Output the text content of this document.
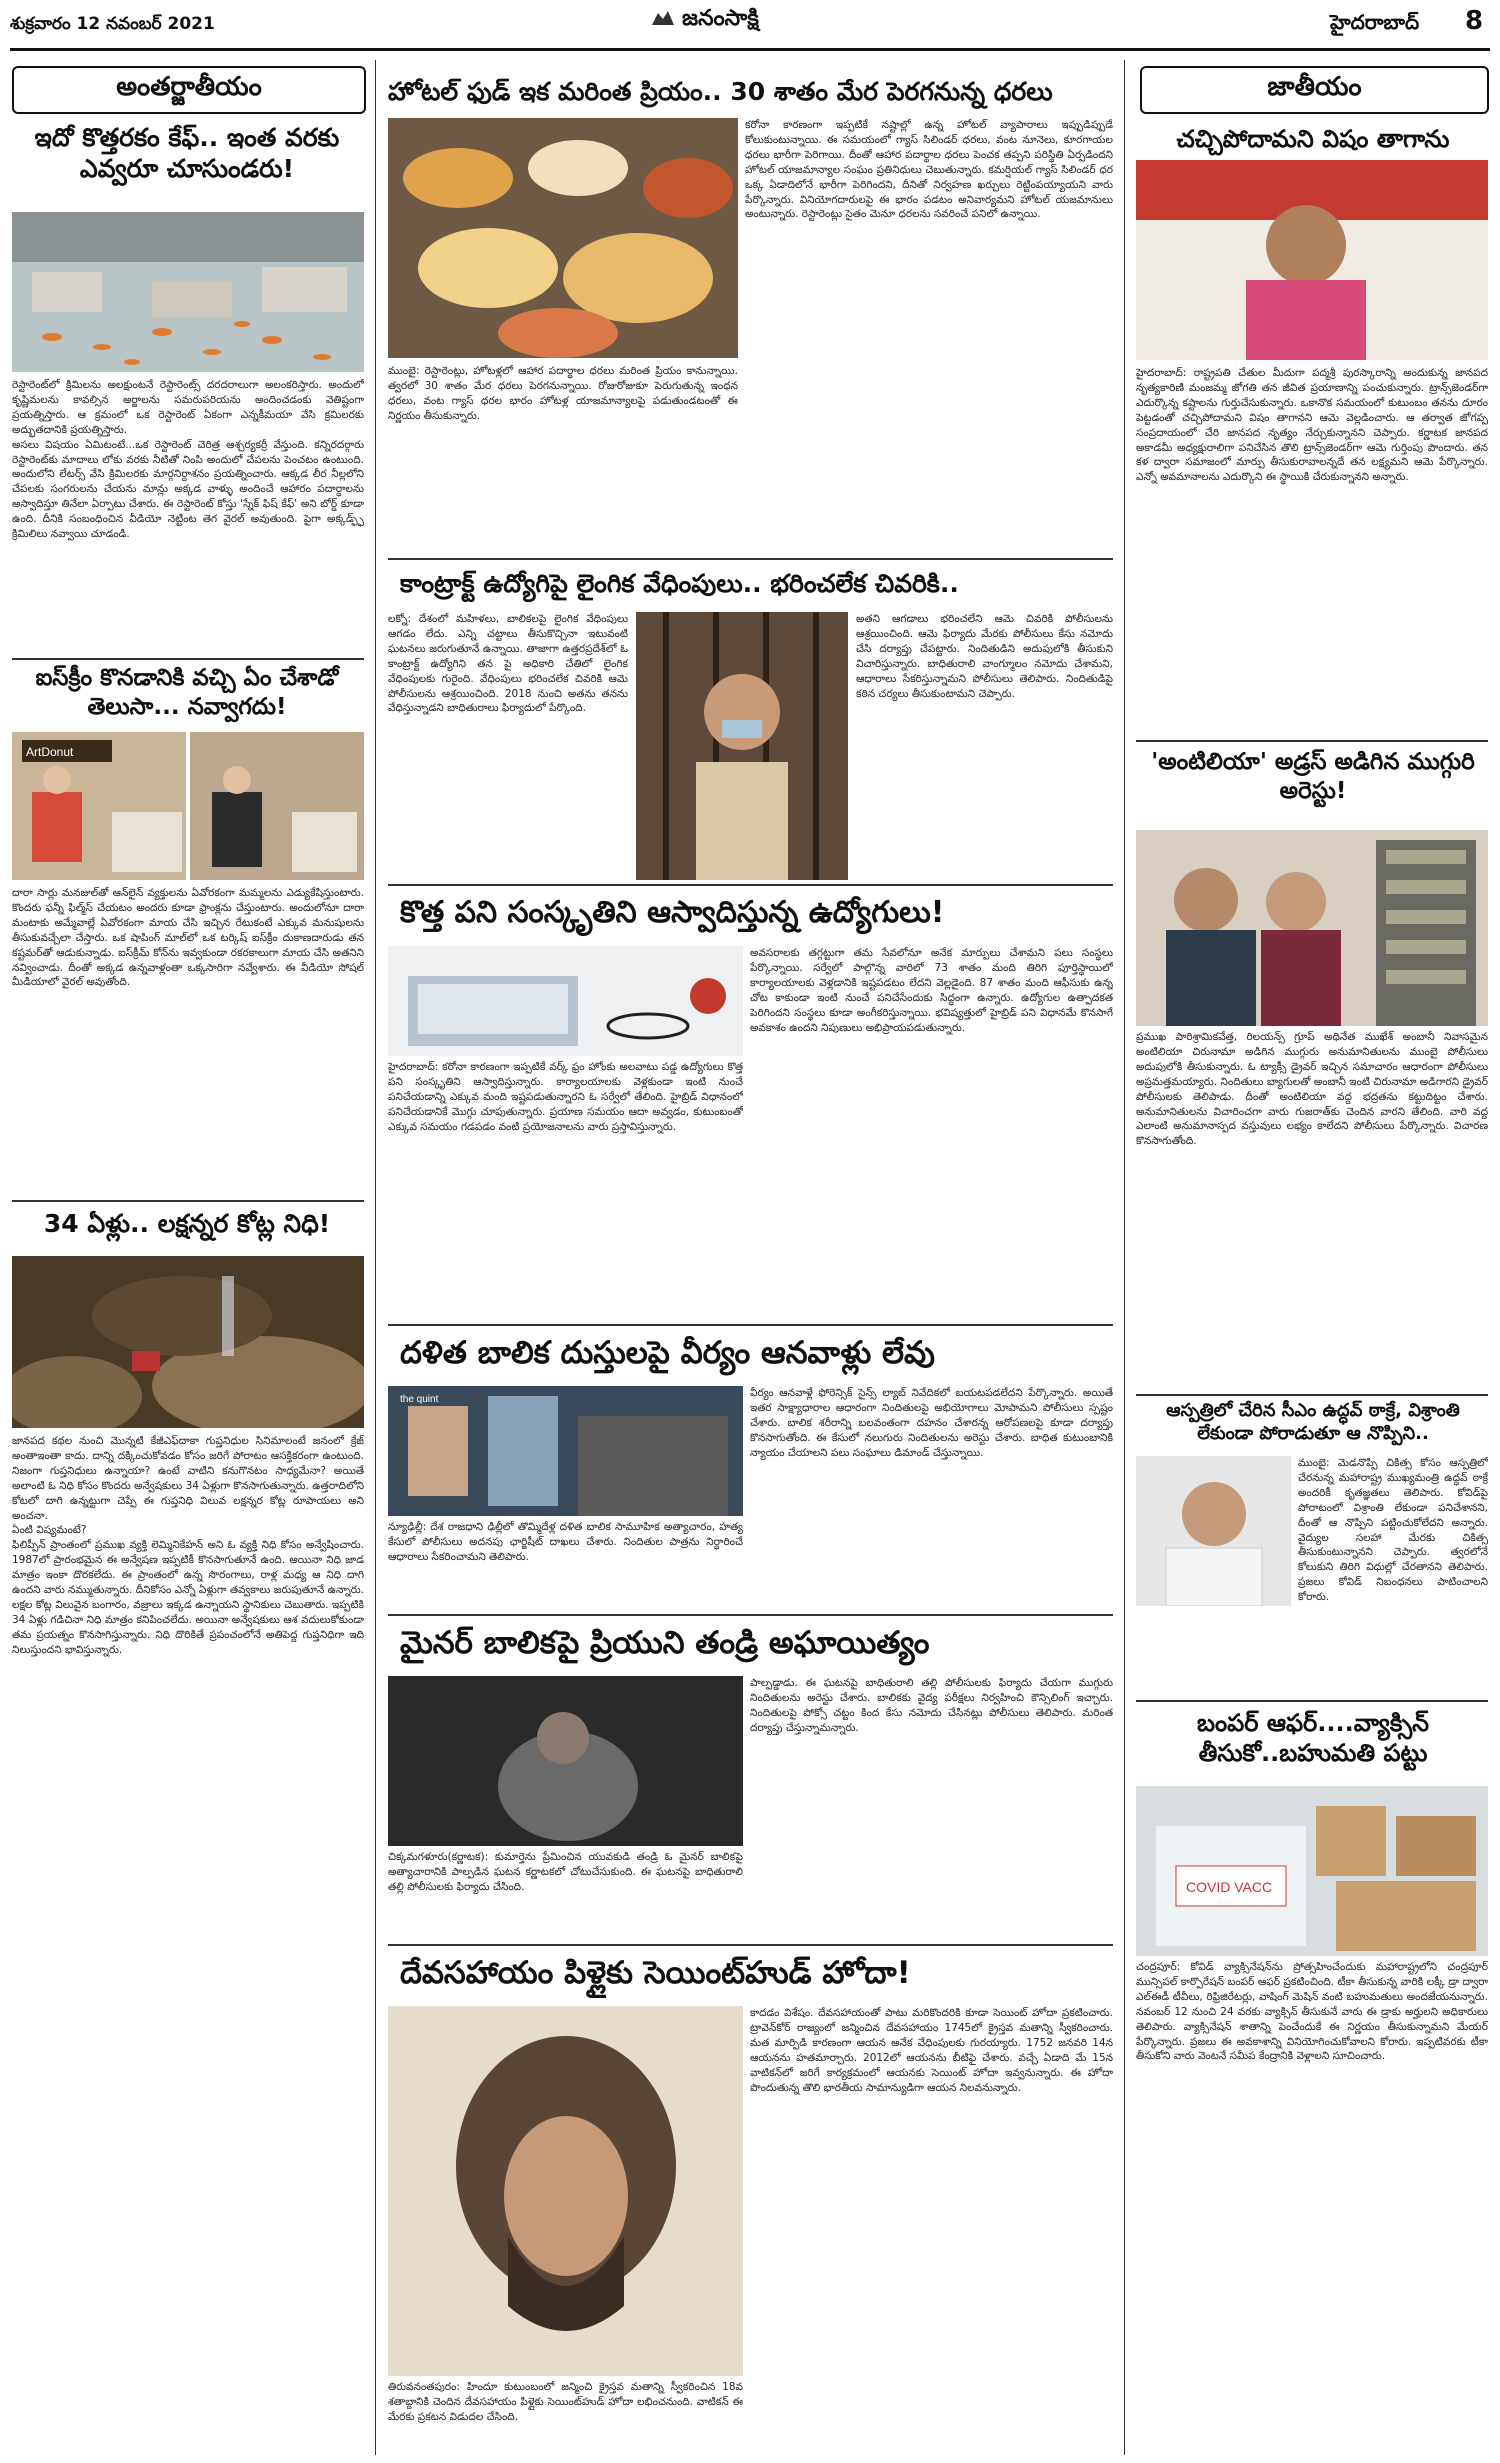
శుక్రవారం 12 నవంబర్ 2021	జనంసాక్షి	హైదరాబాద్ 8
అంతర్జాతీయం
ఇదో కొత్తరకం కేఫ్‌.. ఇంత వరకు ఎవ్వరూ చూసుండరు!
రెస్టారెంట్‌లో క్రిమిలను అలక్షుంటనే రెస్టారెంట్స్‌ దరదరాలుగా అలంకరిస్తారు. అందులో కృష్ణిమలను కావల్సిన అర్జాలను సమరుపరియను అందించడంకు వెతిష్టంగా ప్రయత్నిస్తారు. ఆ క్రమంలో ఒక రెస్టారెంట్ ఏకంగా ఎన్నకీమయా వేసి క్రమిలరకు అద్భుతదానికి ప్రయత్నిస్తారు.
అసలు విషయం ఏమిటంటే...ఒక రెస్టారెంట్ చెరిత్ర ఆశ్చర్యకర్రీ వేస్తుంది. కన్నిరదర్గారు రెస్టారెంట్‌కు మాదాలు లోకు వరకు నీటితో నింపి అందులో చేపలను పెంచటం ఉంటుంది. అందులోని లేటర్స్‌ వేసి క్రిమిలరకు మార్గనిర్దాశనం ప్రయత్నించారు. ఆక్కడ లీర నీల్లలోని చేపలకు సంగరులను చేయను మాన్లు అక్కడ వాళ్ళు అందించే ఆహారం పదార్ధాలను అస్వాదిస్తూ తినేలా ఏర్పాటు చేశారు. ఈ రెస్టారెంట్ కోస్తు 'స్నేక్ ఫిష్ కేఫ్' అని బోర్డ్ కూడా ఉంది. దీనికి సంబంధించిన వీడియో నెట్టింట తెగ వైరల్ అవుతుంది. పైగా అక్కడ్ఫ్ఫ్ క్రిమిలిలు నవ్వాయి చూడండి.
ఐస్‌క్రీం కొనడానికి వచ్చి ఏం చేశాడో తెలుసా... నవ్వాగదు!
ArtDonut
దారా సార్లు మనజుల్‌తో ఆన్‌లైన్ వ్యక్తులను ఏవోరకంగా మమ్మలను ఎడ్యుకేషిస్తుంటారు. కొందరు ఫన్నీ ఫిల్మ్‌స్‌ చేయటం అందరు కూడా ఫ్రాంక్లను చేస్తుంటారు. అందులోనూ దారా మంటాకు అమ్మేవాల్లే ఏవోరకంగా మాయ చేసి ఇచ్చిన రేటుకంటే ఎక్కువ మనుషులను తీసుకువచ్చేలా చేస్తారు. ఒక షాపింగ్ మాల్‌లో ఒక టర్కిష్ ఐస్‌క్రీం దుకాణదారుడు తన కష్టమర్‌తో ఆడుకున్నాడు. ఐస్‌క్రీమ్ కోన్‌ను ఇవ్వకుండా రకరకాలుగా మాయ చేసి అతనిని నవ్వించాడు. దీంతో అక్కడ ఉన్నవాళ్లంతా ఒక్కసారిగా నవ్వేశారు. ఈ వీడియో సోషల్ మీడియాలో వైరల్ అవుతోంది.
34 ఏళ్లు.. లక్షన్నర కోట్ల నిధి!
జానపద కథల నుంచి మొన్నటి కేజీఎఫ్‌దాకా గుప్తనిధుల సినిమాలంటే జనంలో క్రేజ్ అంతాఇంతా కాదు. దాన్ని దక్కించుకోవడం కోసం జరిగే పోరాటం ఆసక్తికరంగా ఉంటుంది. నిజంగా గుప్తనిధులు ఉన్నాయా? ఉంటే వాటిని కనుగొనటం సాధ్యమేనా? అయితే అలాంటి ఓ నిధి కోసం కొందరు అన్వేషకులు 34 ఏళ్లుగా కొనసాగుతున్నారు. ఉత్తరాదిలోని కోటలో దాగి ఉన్నట్టుగా చెప్పే ఈ గుప్తనిధి విలువ లక్షన్నర కోట్ల రూపాయలు అని అంచనా.
ఏంటి విష్యమంటే?
ఫిలిప్పీన్ ప్రాంతంలో ప్రముఖ వ్యక్తి లెమ్మినికేహన్‌ అని ఓ వ్యక్తి నిధి కోసం అన్వేషించారు. 1987లో ప్రారంభమైన ఈ అన్వేషణ ఇప్పటికీ కొనసాగుతూనే ఉంది. అయినా నిధి జాడ మాత్రం ఇంకా దొరకలేదు. ఈ ప్రాంతంలో ఉన్న సొరంగాలు, రాళ్ల మధ్య ఆ నిధి దాగి ఉందని వారు నమ్ముతున్నారు. దీనికోసం ఎన్నో ఏళ్లుగా తవ్వకాలు జరుపుతూనే ఉన్నారు. లక్షల కోట్ల విలువైన బంగారం, వజ్రాలు ఇక్కడ ఉన్నాయని స్థానికులు చెబుతారు. ఇప్పటికి 34 ఏళ్లు గడిచినా నిధి మాత్రం కనిపించలేదు. అయినా అన్వేషకులు ఆశ వదులుకోకుండా తమ ప్రయత్నం కొనసాగిస్తున్నారు. నిధి దొరికితే ప్రపంచంలోనే అతిపెద్ద గుప్తనిధిగా ఇది నిలుస్తుందని భావిస్తున్నారు.
హోటల్ ఫుడ్ ఇక మరింత ప్రియం.. 30 శాతం మేర పెరగనున్న ధరలు
ముంబై: రెస్టారెంట్లు, హోటళ్లలో ఆహార పదార్థాల ధరలు మరింత ప్రియం కానున్నాయి. త్వరలో 30 శాతం మేర ధరలు పెరగనున్నాయి. రోజురోజుకూ పెరుగుతున్న ఇంధన ధరలు, వంట గ్యాస్ ధరల భారం హోటళ్ల యాజమాన్యాలపై పడుతుండటంతో ఈ నిర్ణయం తీసుకున్నారు.
కరోనా కారణంగా ఇప్పటికే నష్టాల్లో ఉన్న హోటల్ వ్యాపారాలు ఇప్పుడిప్పుడే కోలుకుంటున్నాయి. ఈ సమయంలో గ్యాస్ సిలిండర్ ధరలు, వంట నూనెలు, కూరగాయల ధరలు భారీగా పెరిగాయి. దీంతో ఆహార పదార్థాల ధరలు పెంచక తప్పని పరిస్థితి ఏర్పడిందని హోటల్ యాజమాన్యాల సంఘం ప్రతినిధులు చెబుతున్నారు. కమర్షియల్ గ్యాస్ సిలిండర్ ధర ఒక్క ఏడాదిలోనే భారీగా పెరిగిందని, దీనితో నిర్వహణ ఖర్చులు రెట్టింపయ్యాయని వారు పేర్కొన్నారు. వినియోగదారులపై ఈ భారం పడటం అనివార్యమని హోటల్ యజమానులు అంటున్నారు. రెస్టారెంట్లు సైతం మెనూ ధరలను సవరించే పనిలో ఉన్నాయి.
కాంట్రాక్ట్ ఉద్యోగిపై లైంగిక వేధింపులు.. భరించలేక చివరికి..
లక్నో: దేశంలో మహిళలు, బాలికలపై లైంగిక వేధింపులు ఆగడం లేదు. ఎన్ని చట్టాలు తీసుకొచ్చినా ఇటువంటి ఘటనలు జరుగుతూనే ఉన్నాయి. తాజాగా ఉత్తరప్రదేశ్‌లో ఓ కాంట్రాక్ట్ ఉద్యోగిని తన పై అధికారి చేతిలో లైంగిక వేధింపులకు గురైంది. వేధింపులు భరించలేక చివరికి ఆమె పోలీసులను ఆశ్రయించింది. 2018 నుంచి అతను తనను వేధిస్తున్నాడని బాధితురాలు ఫిర్యాదులో పేర్కొంది.
అతని ఆగడాలు భరించలేని ఆమె చివరికి పోలీసులను ఆశ్రయించింది. ఆమె ఫిర్యాదు మేరకు పోలీసులు కేసు నమోదు చేసి దర్యాప్తు చేపట్టారు. నిందితుడిని అదుపులోకి తీసుకుని విచారిస్తున్నారు. బాధితురాలి వాంగ్మూలం నమోదు చేశామని, ఆధారాలు సేకరిస్తున్నామని పోలీసులు తెలిపారు. నిందితుడిపై కఠిన చర్యలు తీసుకుంటామని చెప్పారు.
కొత్త పని సంస్కృతిని ఆస్వాదిస్తున్న ఉద్యోగులు!
హైదరాబాద్: కరోనా కారణంగా ఇప్పటికే వర్క్ ఫ్రం హోంకు అలవాటు పడ్డ ఉద్యోగులు కొత్త పని సంస్కృతిని ఆస్వాదిస్తున్నారు. కార్యాలయాలకు వెళ్లకుండా ఇంటి నుంచే పనిచేయడాన్ని ఎక్కువ మంది ఇష్టపడుతున్నారని ఓ సర్వేలో తేలింది. హైబ్రిడ్ విధానంలో పనిచేయడానికే మొగ్గు చూపుతున్నారు. ప్రయాణ సమయం ఆదా అవ్వడం, కుటుంబంతో ఎక్కువ సమయం గడపడం వంటి ప్రయోజనాలను వారు ప్రస్తావిస్తున్నారు.
అవసరాలకు తగ్గట్టుగా తమ సేవలోనూ అనేక మార్పులు చేశామని పలు సంస్థలు పేర్కొన్నాయి. సర్వేలో పాల్గొన్న వారిలో 73 శాతం మంది తిరిగి పూర్తిస్థాయిలో కార్యాలయాలకు వెళ్లడానికి ఇష్టపడటం లేదని వెల్లడైంది. 87 శాతం మంది ఆఫీసుకు ఉన్న చోట కాకుండా ఇంటి నుంచే పనిచేసేందుకు సిద్ధంగా ఉన్నారు. ఉద్యోగుల ఉత్పాదకత పెరిగిందని సంస్థలు కూడా అంగీకరిస్తున్నాయి. భవిష్యత్తులో హైబ్రిడ్ పని విధానమే కొనసాగే అవకాశం ఉందని నిపుణులు అభిప్రాయపడుతున్నారు.
దళిత బాలిక దుస్తులపై వీర్యం ఆనవాళ్లు లేవు
the quint
న్యూఢిల్లీ: దేశ రాజధాని ఢిల్లీలో తొమ్మిదేళ్ల దళిత బాలిక సామూహిక అత్యాచారం, హత్య కేసులో పోలీసులు అదనపు ఛార్జిషీట్ దాఖలు చేశారు. నిందితుల పాత్రను నిర్ధారించే ఆధారాలు సేకరించామని తెలిపారు.
వీర్యం ఆనవాళ్లే ఫోరెన్సిక్ సైన్స్ ల్యాబ్ నివేదికలో బయటపడలేదని పేర్కొన్నారు. అయితే ఇతర సాక్ష్యాధారాల ఆధారంగా నిందితులపై అభియోగాలు మోపామని పోలీసులు స్పష్టం చేశారు. బాలిక శరీరాన్ని బలవంతంగా దహనం చేశారన్న ఆరోపణలపై కూడా దర్యాప్తు కొనసాగుతోంది. ఈ కేసులో నలుగురు నిందితులను అరెస్టు చేశారు. బాధిత కుటుంబానికి న్యాయం చేయాలని పలు సంఘాలు డిమాండ్ చేస్తున్నాయి.
మైనర్ బాలికపై ప్రియుని తండ్రి అఘాయిత్యం
చిక్కమగళూరు(కర్ణాటక): కుమార్తెను ప్రేమించిన యువకుడి తండ్రి ఓ మైనర్ బాలికపై అత్యాచారానికి పాల్పడిన ఘటన కర్ణాటకలో చోటుచేసుకుంది. ఈ ఘటనపై బాధితురాలి తల్లి పోలీసులకు ఫిర్యాదు చేసింది.
పాల్పడ్డాడు. ఈ ఘటనపై బాధితురాలి తల్లి పోలీసులకు ఫిర్యాదు చేయగా ముగ్గురు నిందితులను అరెస్టు చేశారు. బాలికకు వైద్య పరీక్షలు నిర్వహించి కౌన్సిలింగ్ ఇచ్చారు. నిందితులపై పోక్సో చట్టం కింద కేసు నమోదు చేసినట్లు పోలీసులు తెలిపారు. మరింత దర్యాప్తు చేస్తున్నామన్నారు.
దేవసహాయం పిళ్లైకు సెయింట్‌హుడ్ హోదా!
తిరువనంతపురం: హిందూ కుటుంబంలో జన్మించి క్రైస్తవ మతాన్ని స్వీకరించిన 18వ శతాబ్దానికి చెందిన దేవసహాయం పిళ్లైకు సెయింట్‌హుడ్ హోదా లభించనుంది. వాటికన్ ఈ మేరకు ప్రకటన విడుదల చేసింది.
కాదడం విశేషం. దేవసహాయంతో పాటు మరికొందరికి కూడా సెయింట్ హోదా ప్రకటించారు. ట్రావెన్‌కోర్ రాజ్యంలో జన్మించిన దేవసహాయం 1745లో క్రైస్తవ మతాన్ని స్వీకరించారు. మత మార్పిడి కారణంగా ఆయన అనేక వేధింపులకు గురయ్యారు. 1752 జనవరి 14న ఆయనను హతమార్చారు. 2012లో ఆయనను బీటిఫై చేశారు. వచ్చే ఏడాది మే 15న వాటికన్‌లో జరిగే కార్యక్రమంలో ఆయనకు సెయింట్ హోదా ఇవ్వనున్నారు. ఈ హోదా పొందుతున్న తొలి భారతీయ సామాన్యుడిగా ఆయన నిలవనున్నారు.
జాతీయం
చచ్చిపోదామని విషం తాగాను
హైదరాబాద్: రాష్ట్రపతి చేతుల మీదుగా పద్మశ్రీ పురస్కారాన్ని అందుకున్న జానపద నృత్యకారిణి మంజమ్మ జోగతి తన జీవిత ప్రయాణాన్ని పంచుకున్నారు. ట్రాన్స్‌జెండర్‌గా ఎదుర్కొన్న కష్టాలను గుర్తుచేసుకున్నారు. ఒకానొక సమయంలో కుటుంబం తనను దూరం పెట్టడంతో చచ్చిపోదామని విషం తాగానని ఆమె వెల్లడించారు. ఆ తర్వాత జోగప్ప సంప్రదాయంలో చేరి జానపద నృత్యం నేర్చుకున్నానని చెప్పారు. కర్ణాటక జానపద అకాడమీ అధ్యక్షురాలిగా పనిచేసిన తొలి ట్రాన్స్‌జెండర్‌గా ఆమె గుర్తింపు పొందారు. తన కళ ద్వారా సమాజంలో మార్పు తీసుకురావాలన్నదే తన లక్ష్యమని ఆమె పేర్కొన్నారు. ఎన్నో అవమానాలను ఎదుర్కొని ఈ స్థాయికి చేరుకున్నానని అన్నారు.
'అంటిలియా' అడ్రస్ అడిగిన ముగ్గురి అరెస్టు!
ప్రముఖ పారిశ్రామికవేత్త, రిలయన్స్ గ్రూప్ అధినేత ముఖేశ్ అంబానీ నివాసమైన అంటిలియా చిరునామా అడిగిన ముగ్గురు అనుమానితులను ముంబై పోలీసులు అదుపులోకి తీసుకున్నారు. ఓ ట్యాక్సీ డ్రైవర్ ఇచ్చిన సమాచారం ఆధారంగా పోలీసులు అప్రమత్తమయ్యారు. నిందితులు బ్యాగులతో అంబానీ ఇంటి చిరునామా అడిగారని డ్రైవర్ పోలీసులకు తెలిపాడు. దీంతో అంటిలియా వద్ద భద్రతను కట్టుదిట్టం చేశారు. అనుమానితులను విచారించగా వారు గుజరాత్‌కు చెందిన వారని తేలింది. వారి వద్ద ఎలాంటి అనుమానాస్పద వస్తువులు లభ్యం కాలేదని పోలీసులు పేర్కొన్నారు. విచారణ కొనసాగుతోంది.
ఆస్పత్రిలో చేరిన సీఎం ఉద్ధవ్ ఠాక్రే, విశ్రాంతి లేకుండా పోరాడుతూ ఆ నొప్పిని..
ముంబై: మెడనొప్పి చికిత్స కోసం ఆస్పత్రిలో చేరనున్న మహారాష్ట్ర ముఖ్యమంత్రి ఉద్ధవ్ ఠాక్రే అందరికీ కృతజ్ఞతలు తెలిపారు. కోవిడ్‌పై పోరాటంలో విశ్రాంతి లేకుండా పనిచేశానని, దీంతో ఆ నొప్పిని పట్టించుకోలేదని అన్నారు. వైద్యుల సలహా మేరకు చికిత్స తీసుకుంటున్నానని చెప్పారు. త్వరలోనే కోలుకుని తిరిగి విధుల్లో చేరతానని తెలిపారు. ప్రజలు కోవిడ్ నిబంధనలు పాటించాలని కోరారు.
బంపర్ ఆఫర్....వ్యాక్సిన్ తీసుకో..బహుమతి పట్టు
COVID VACC
చంద్రపూర్: కోవిడ్ వ్యాక్సినేషన్‌ను ప్రోత్సహించేందుకు మహారాష్ట్రలోని చంద్రపూర్ మున్సిపల్ కార్పొరేషన్ బంపర్ ఆఫర్ ప్రకటించింది. టీకా తీసుకున్న వారికి లక్కీ డ్రా ద్వారా ఎల్‌ఈడీ టీవీలు, రిఫ్రిజిరేటర్లు, వాషింగ్ మెషిన్ వంటి బహుమతులు అందజేయనున్నారు. నవంబర్ 12 నుంచి 24 వరకు వ్యాక్సిన్ తీసుకునే వారు ఈ డ్రాకు అర్హులని అధికారులు తెలిపారు. వ్యాక్సినేషన్ శాతాన్ని పెంచేందుకే ఈ నిర్ణయం తీసుకున్నామని మేయర్ పేర్కొన్నారు. ప్రజలు ఈ అవకాశాన్ని వినియోగించుకోవాలని కోరారు. ఇప్పటివరకు టీకా తీసుకోని వారు వెంటనే సమీప కేంద్రానికి వెళ్లాలని సూచించారు.
